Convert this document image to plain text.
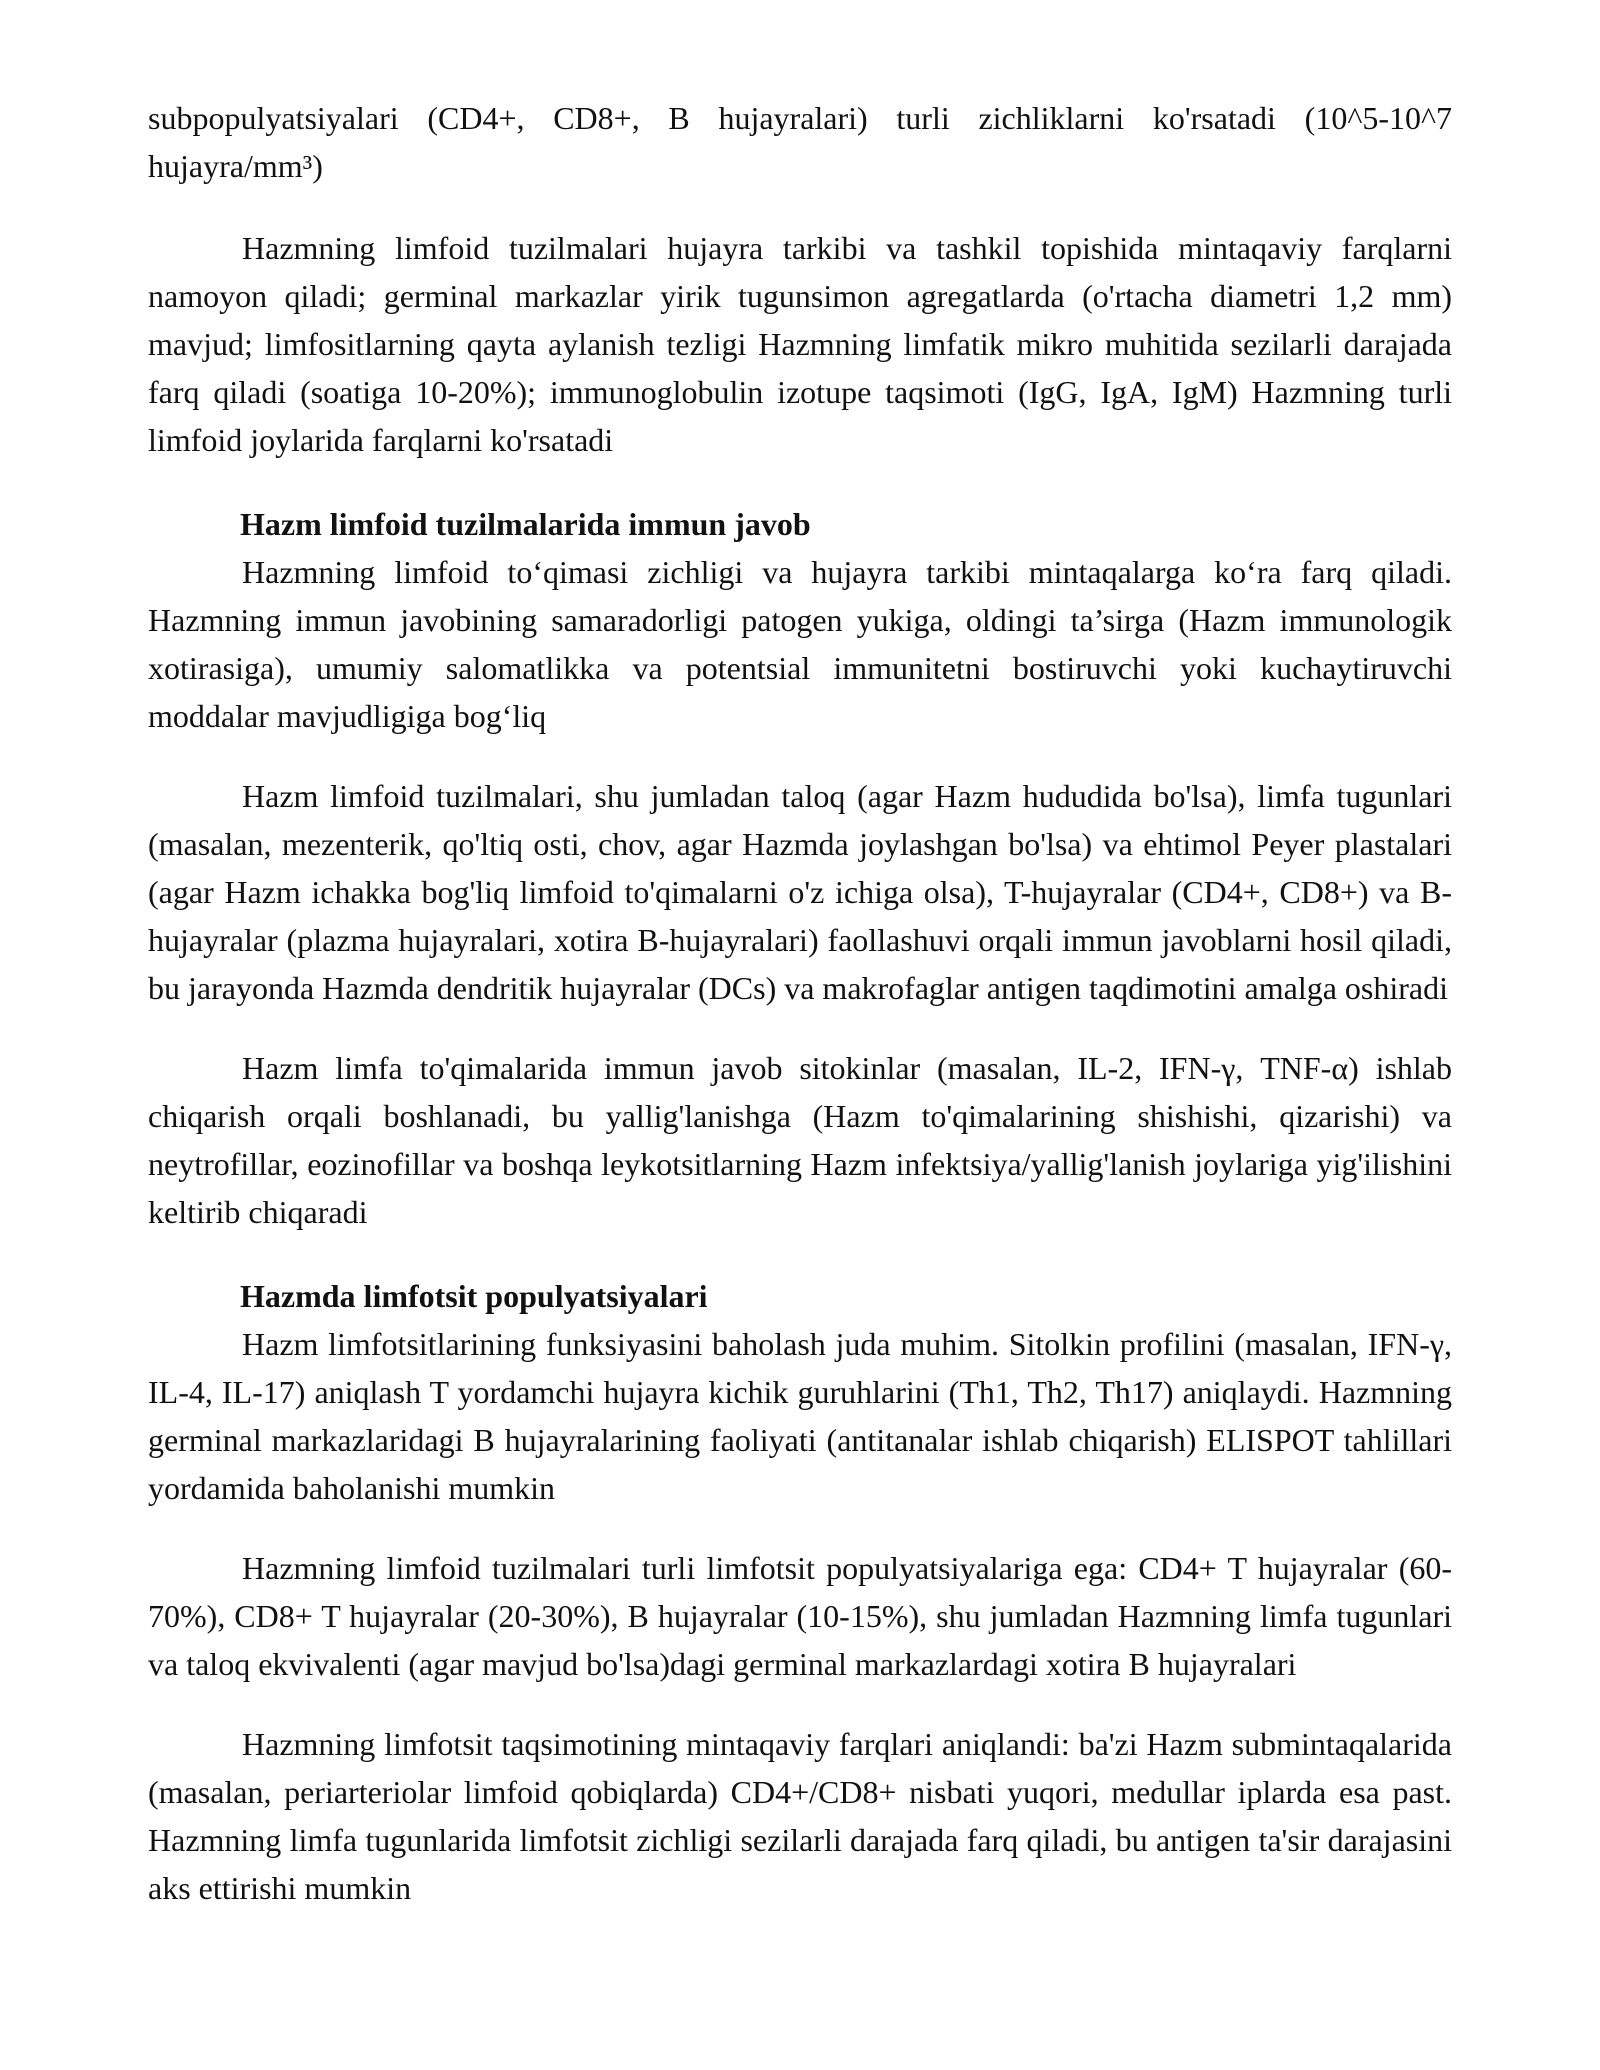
subpopulyatsiyalari (CD4+, CD8+, B hujayralari) turli zichliklarni ko'rsatadi (10^5-10^7 hujayra/mm³)

Hazmning limfoid tuzilmalari hujayra tarkibi va tashkil topishida mintaqaviy farqlarni namoyon qiladi; germinal markazlar yirik tugunsimon agregatlarda (o'rtacha diametri 1,2 mm) mavjud; limfositlarning qayta aylanish tezligi Hazmning limfatik mikro muhitida sezilarli darajada farq qiladi (soatiga 10-20%); immunoglobulin izotupe taqsimoti (IgG, IgA, IgM) Hazmning turli limfoid joylarida farqlarni ko'rsatadi

Hazm limfoid tuzilmalarida immun javob

Hazmning limfoid to‘qimasi zichligi va hujayra tarkibi mintaqalarga ko‘ra farq qiladi. Hazmning immun javobining samaradorligi patogen yukiga, oldingi ta’sirga (Hazm immunologik xotirasiga), umumiy salomatlikka va potentsial immunitetni bostiruvchi yoki kuchaytiruvchi moddalar mavjudligiga bog‘liq

Hazm limfoid tuzilmalari, shu jumladan taloq (agar Hazm hududida bo'lsa), limfa tugunlari (masalan, mezenterik, qo'ltiq osti, chov, agar Hazmda joylashgan bo'lsa) va ehtimol Peyer plastalari (agar Hazm ichakka bog'liq limfoid to'qimalarni o'z ichiga olsa), T-hujayralar (CD4+, CD8+) va B-hujayralar (plazma hujayralari, xotira B-hujayralari) faollashuvi orqali immun javoblarni hosil qiladi, bu jarayonda Hazmda dendritik hujayralar (DCs) va makrofaglar antigen taqdimotini amalga oshiradi

Hazm limfa to'qimalarida immun javob sitokinlar (masalan, IL-2, IFN-γ, TNF-α) ishlab chiqarish orqali boshlanadi, bu yallig'lanishga (Hazm to'qimalarining shishishi, qizarishi) va neytrofillar, eozinofillar va boshqa leykotsitlarning Hazm infektsiya/yallig'lanish joylariga yig'ilishini keltirib chiqaradi

Hazmda limfotsit populyatsiyalari

Hazm limfotsitlarining funksiyasini baholash juda muhim. Sitolkin profilini (masalan, IFN-γ, IL-4, IL-17) aniqlash T yordamchi hujayra kichik guruhlarini (Th1, Th2, Th17) aniqlaydi. Hazmning germinal markazlaridagi B hujayralarining faoliyati (antitanalar ishlab chiqarish) ELISPOT tahlillari yordamida baholanishi mumkin

Hazmning limfoid tuzilmalari turli limfotsit populyatsiyalariga ega: CD4+ T hujayralar (60-70%), CD8+ T hujayralar (20-30%), B hujayralar (10-15%), shu jumladan Hazmning limfa tugunlari va taloq ekvivalenti (agar mavjud bo'lsa)dagi germinal markazlardagi xotira B hujayralari

Hazmning limfotsit taqsimotining mintaqaviy farqlari aniqlandi: ba'zi Hazm submintaqalarida (masalan, periarteriolar limfoid qobiqlarda) CD4+/CD8+ nisbati yuqori, medullar iplarda esa past. Hazmning limfa tugunlarida limfotsit zichligi sezilarli darajada farq qiladi, bu antigen ta'sir darajasini aks ettirishi mumkin
